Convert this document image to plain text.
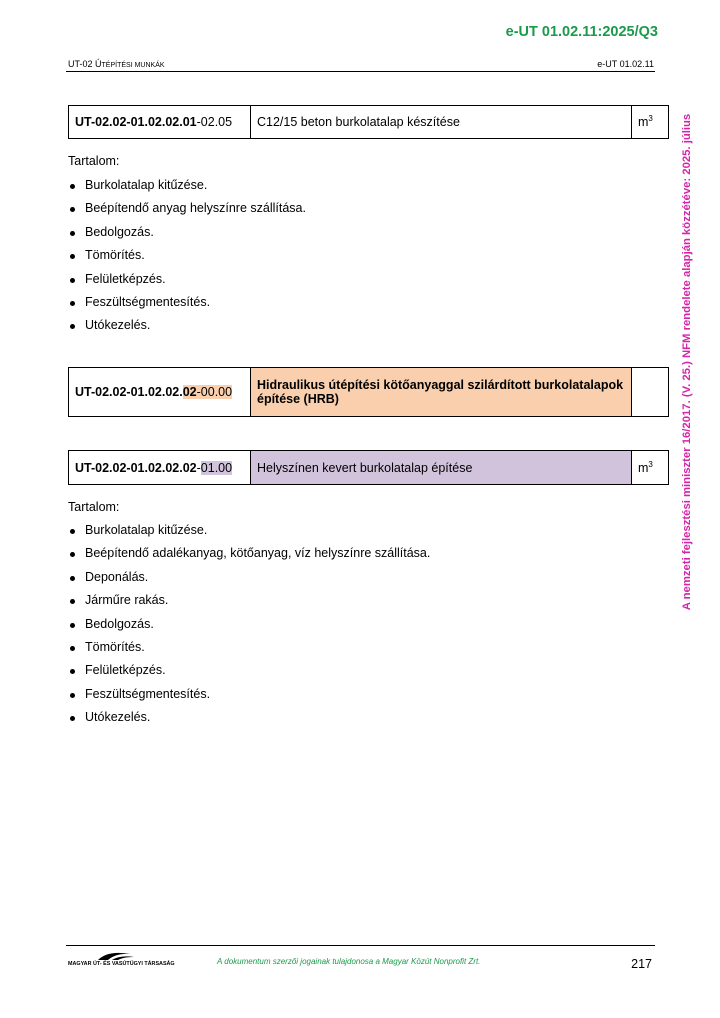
e-UT 01.02.11:2025/Q3
UT-02 ÚTÉPÍTÉSI MUNKÁK	e-UT 01.02.11
A nemzeti fejlesztési miniszter 16/2017. (V. 25.) NFM rendelete alapján közzétéve: 2025. július
UT-02.02-01.02.02.01-02.05	C12/15 beton burkolatalap készítése	$m^3$
Tartalom:
Burkolatalap kitűzése.
Beépítendő anyag helyszínre szállítása.
Bedolgozás.
Tömörítés.
Felületképzés.
Feszültségmentesítés.
Utókezelés.
UT-02.02-01.02.02.02-00.00	Hidraulikus útépítési kötőanyaggal szilárdított burkolatalapok építése (HRB)	
UT-02.02-01.02.02.02-01.00	Helyszínen kevert burkolatalap építése	$m^3$
Tartalom:
Burkolatalap kitűzése.
Beépítendő adalékanyag, kötőanyag, víz helyszínre szállítása.
Deponálás.
Járműre rakás.
Bedolgozás.
Tömörítés.
Felületképzés.
Feszültségmentesítés.
Utókezelés.
MAGYAR ÚT- ÉS VASÚTÜGYI TÁRSASÁG	A dokumentum szerzői jogainak tulajdonosa a Magyar Közút Nonprofit Zrt.	217
